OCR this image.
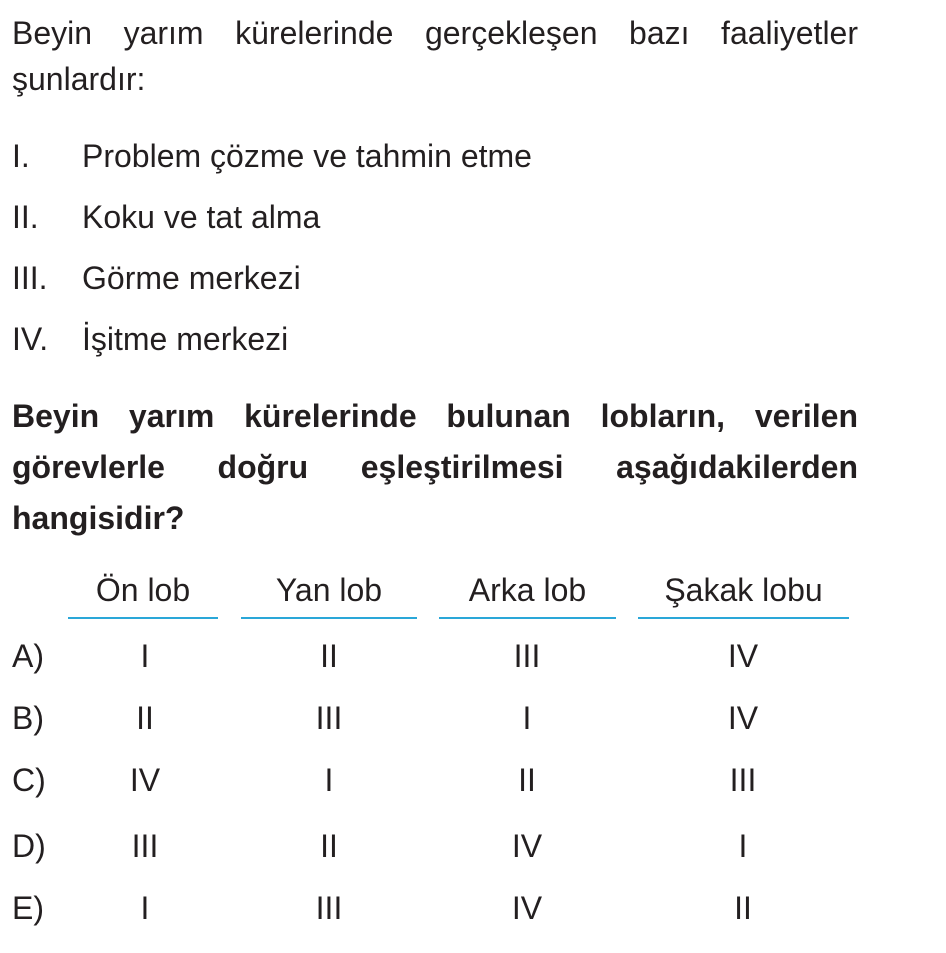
Beyin yarım kürelerinde gerçekleşen bazı faaliyetler şunlardır:

I. Problem çözme ve tahmin etme
II. Koku ve tat alma
III. Görme merkezi
IV. İşitme merkezi

Beyin yarım kürelerinde bulunan lobların, verilen görevlerle doğru eşleştirilmesi aşağıdakilerden hangisidir?

Ön lob	Yan lob	Arka lob	Şakak lobu
A)	I	II	III	IV
B)	II	III	I	IV
C)	IV	I	II	III
D)	III	II	IV	I
E)	I	III	IV	II
